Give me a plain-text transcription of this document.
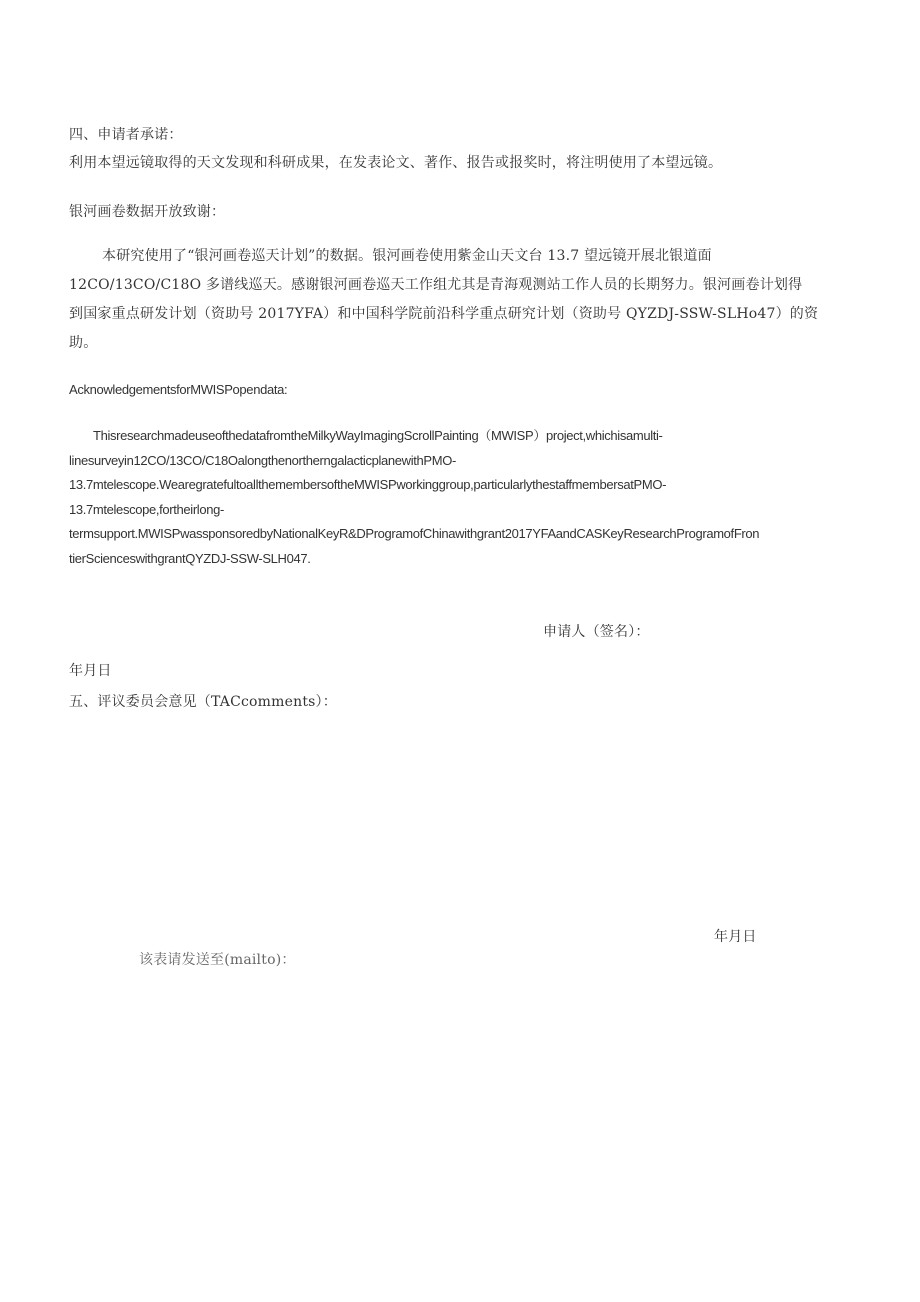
四、申请者承诺：
利用本望远镜取得的天文发现和科研成果，在发表论文、著作、报告或报奖时，将注明使用了本望远镜。
银河画卷数据开放致谢：
本研究使用了“银河画卷巡天计划”的数据。银河画卷使用紫金山天文台 13.7 望远镜开展北银道面
12CO/13CO/C18O 多谱线巡天。感谢银河画卷巡天工作组尤其是青海观测站工作人员的长期努力。银河画卷计划得
到国家重点研发计划（资助号 2017YFA）和中国科学院前沿科学重点研究计划（资助号 QYZDJ-SSW-SLHo47）的资
助。
AcknowledgementsforMWISPopendata:
ThisresearchmadeuseofthedatafromtheMilkyWayImagingScrollPainting（MWISP）project,whichisamulti-
linesurveyin12CO/13CO/C18OalongthenortherngalacticplanewithPMO-
13.7mtelescope.WearegratefultoallthemembersoftheMWISPworkinggroup,particularlythestaffmembersatPMO-
13.7mtelescope,fortheirlong-
termsupport.MWISPwassponsoredbyNationalKeyR&DProgramofChinawithgrant2017YFAandCASKeyResearchProgramofFron
tierScienceswithgrantQYZDJ-SSW-SLH047.
申请人（签名）：
年月日
五、评议委员会意见（TACcomments）：
年月日
该表请发送至(mailto)：
